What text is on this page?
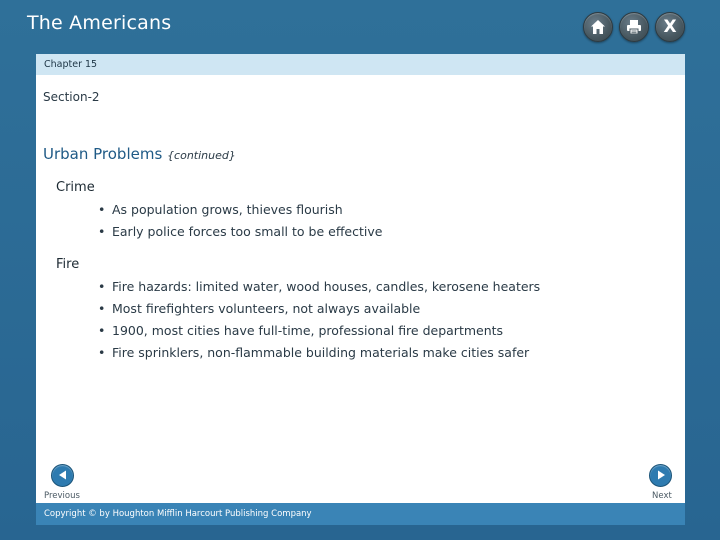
The Americans	X
Chapter 15
Section-2
Urban Problems {continued}
Crime
• As population grows, thieves flourish
• Early police forces too small to be effective
Fire
• Fire hazards: limited water, wood houses, candles, kerosene heaters
• Most firefighters volunteers, not always available
• 1900, most cities have full-time, professional fire departments
• Fire sprinklers, non-flammable building materials make cities safer
Previous	Next
Copyright © by Houghton Mifflin Harcourt Publishing Company
